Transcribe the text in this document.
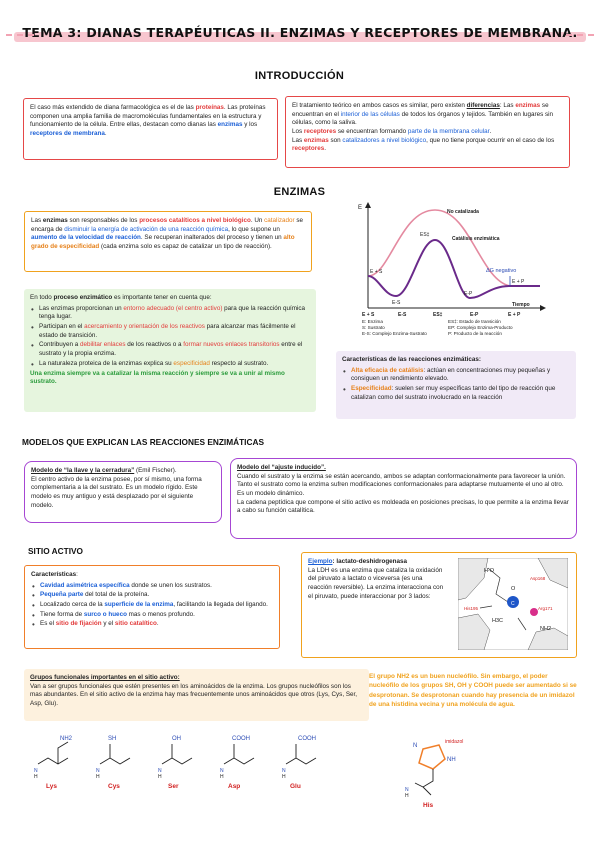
TEMA 3: DIANAS TERAPÉUTICAS II. ENZIMAS Y RECEPTORES DE MEMBRANA.
INTRODUCCIÓN
El caso más extendido de diana farmacológica es el de las proteínas. Las proteínas componen una amplia familia de macromoléculas fundamentales en la estructura y funcionamiento de la célula. Entre ellas, destacan como dianas las enzimas y los receptores de membrana.
El tratamiento teórico en ambos casos es similar, pero existen diferencias: Las enzimas se encuentran en el interior de las células de todos los órganos y tejidos. También en lugares sin células, como la saliva.
Los receptores se encuentran formando parte de la membrana celular.
Las enzimas son catalizadores a nivel biológico, que no tiene porque ocurrir en el caso de los receptores.
ENZIMAS
Las enzimas son responsables de los procesos catalíticos a nivel biológico. Un catalizador se encarga de disminuir la energía de activación de una reacción química, lo que supone un aumento de la velocidad de reacción. Se recuperan inalterados del proceso y tienen un alto grado de especificidad (cada enzima solo es capaz de catalizar un tipo de reacción).
En todo proceso enzimático es importante tener en cuenta que:
• Las enzimas proporcionan un entorno adecuado (el centro activo) para que la reacción química tenga lugar.
• Participan en el acercamiento y orientación de los reactivos para alcanzar mas fácilmente el estado de transición.
• Contribuyen a debilitar enlaces de los reactivos o a formar nuevos enlaces transitorios entre el sustrato y la propia enzima.
• La naturaleza proteica de la enzimas explica su especificidad respecto al sustrato.
Una enzima siempre va a catalizar la misma reacción y siempre se va a unir al mismo sustrato.
E
No catalizada
ES‡
Catálisis enzimática
E + S
E-S
E-P
E + P
ΔG negativo
Tiempo
E + S	E-S	ES‡	E-P	E + P
E: Enzima	ES‡: Estado de transición
S: Sustrato	EP: Complejo Enzima-Producto
E-S: Complejo Enzima-Sustrato	P: Producto de la reacción
Características de las reacciones enzimáticas:
• Alta eficacia de catálisis: actúan en concentraciones muy pequeñas y consiguen un rendimiento elevado.
• Especificidad: suelen ser muy específicas tanto del tipo de reacción que catalizan como del sustrato involucrado en la reacción
MODELOS QUE EXPLICAN LAS REACCIONES ENZIMÁTICAS
Modelo de “la llave y la cerradura” (Emil Fischer).
El centro activo de la enzima posee, por sí mismo, una forma complementaria a la del sustrato. Es un modelo rígido. Este modelo es muy antiguo y está desplazado por el siguiente modelo.
Modelo del “ajuste inducido”.
Cuando el sustrato y la enzima se están acercando, ambos se adaptan conformacionalmente para favorecer la unión. Tanto el sustrato como la enzima sufren modificaciones conformacionales para adaptarse mutuamente el uno al otro. Es un modelo dinámico.
La cadena peptídica que compone el sitio activo es moldeada en posiciones precisas, lo que permite a la enzima llevar a cabo su función catalítica.
SITIO ACTIVO
Características:
• Cavidad asimétrica específica donde se unen los sustratos.
• Pequeña parte del total de la proteína.
• Localizado cerca de la superficie de la enzima, facilitando la llegada del ligando.
• Tiene forma de surco o hueco mas o menos profundo.
• Es el sitio de fijación y el sitio catalítico.
Ejemplo: lactato-deshidrogenasa
La LDH es una enzima que cataliza la oxidación del piruvato a lactato o viceversa (es una reacción reversible). La enzima interacciona con el piruvato, puede interaccionar por 3 lados:
H-O
His195
H3C
O
C
Asp168
Arg171
NH2
Grupos funcionales importantes en el sitio activo:
Van a ser grupos funcionales que estén presentes en los aminoácidos de la enzima. Los grupos nucleófilos son los mas abundantes. En el sitio activo de la enzima hay mas frecuentemente unos aminoácidos que otros (Lys, Cys, Ser, Asp, Glu).
El grupo NH2 es un buen nucleófilo. Sin embargo, el poder nucleófilo de los grupos SH, OH y COOH puede ser aumentado si se desprotonan. Se desprotonan cuando hay presencia de un imidazol de una histidina vecina y una molécula de agua.
NH2
N
H
Lys
SH
N
H
Cys
OH
N
H
Ser
COOH
N
H
Asp
COOH
N
H
Glu
imidazol
N
NH
N
H
His
